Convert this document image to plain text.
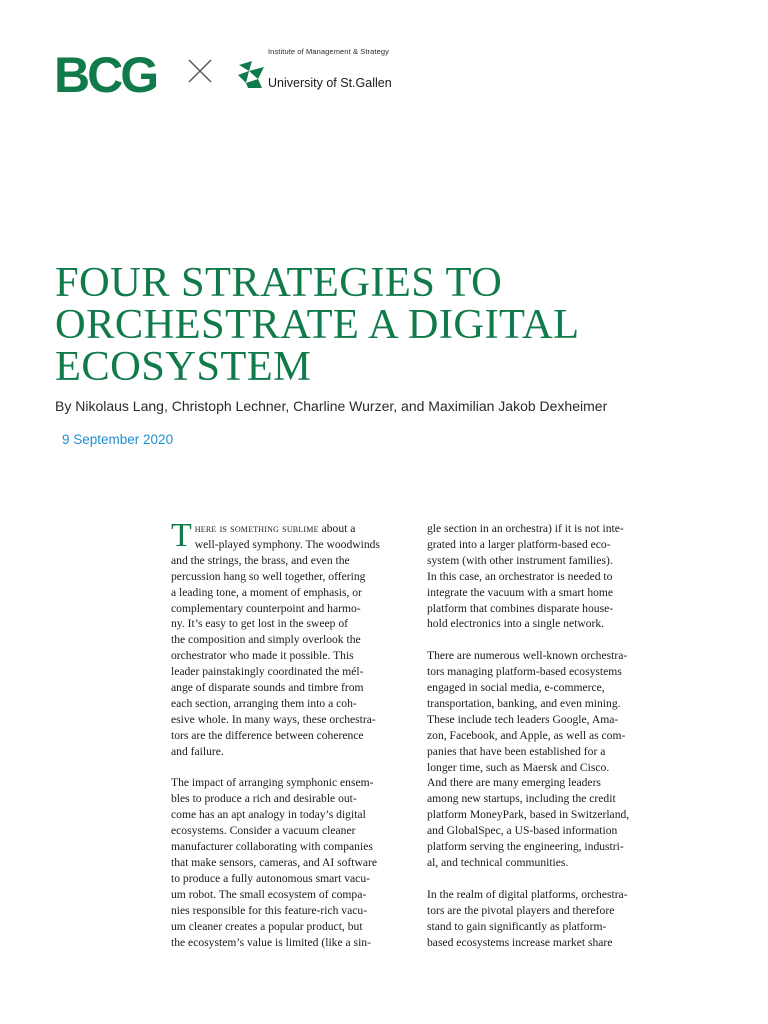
BCG	Institute of Management & Strategy
University of St.Gallen
FOUR STRATEGIES TO
ORCHESTRATE A DIGITAL
ECOSYSTEM
By Nikolaus Lang, Christoph Lechner, Charline Wurzer, and Maximilian Jakob Dexheimer
9 September 2020
T here is something sublime about a
well-played symphony. The woodwinds
and the strings, the brass, and even the
percussion hang so well together, offering
a leading tone, a moment of emphasis, or
complementary counterpoint and harmo-
ny. It’s easy to get lost in the sweep of
the composition and simply overlook the
orchestrator who made it possible. This
leader painstakingly coordinated the mél-
ange of disparate sounds and timbre from
each section, arranging them into a coh-
esive whole. In many ways, these orchestra-
tors are the difference between coherence
and failure.
The impact of arranging symphonic ensem-
bles to produce a rich and desirable out-
come has an apt analogy in today’s digital
ecosystems. Consider a vacuum cleaner
manufacturer collaborating with companies
that make sensors, cameras, and AI software
to produce a fully autonomous smart vacu-
um robot. The small ecosystem of compa-
nies responsible for this feature-rich vacu-
um cleaner creates a popular product, but
the ecosystem’s value is limited (like a sin-
gle section in an orchestra) if it is not inte-
grated into a larger platform-based eco-
system (with other instrument families).
In this case, an orchestrator is needed to
integrate the vacuum with a smart home
platform that combines disparate house-
hold electronics into a single network.
There are numerous well-known orchestra-
tors managing platform-based ecosystems
engaged in social media, e-commerce,
transportation, banking, and even mining.
These include tech leaders Google, Ama-
zon, Facebook, and Apple, as well as com-
panies that have been established for a
longer time, such as Maersk and Cisco.
And there are many emerging leaders
among new startups, including the credit
platform MoneyPark, based in Switzerland,
and GlobalSpec, a US-based information
platform serving the engineering, industri-
al, and technical communities.
In the realm of digital platforms, orchestra-
tors are the pivotal players and therefore
stand to gain significantly as platform-
based ecosystems increase market share
